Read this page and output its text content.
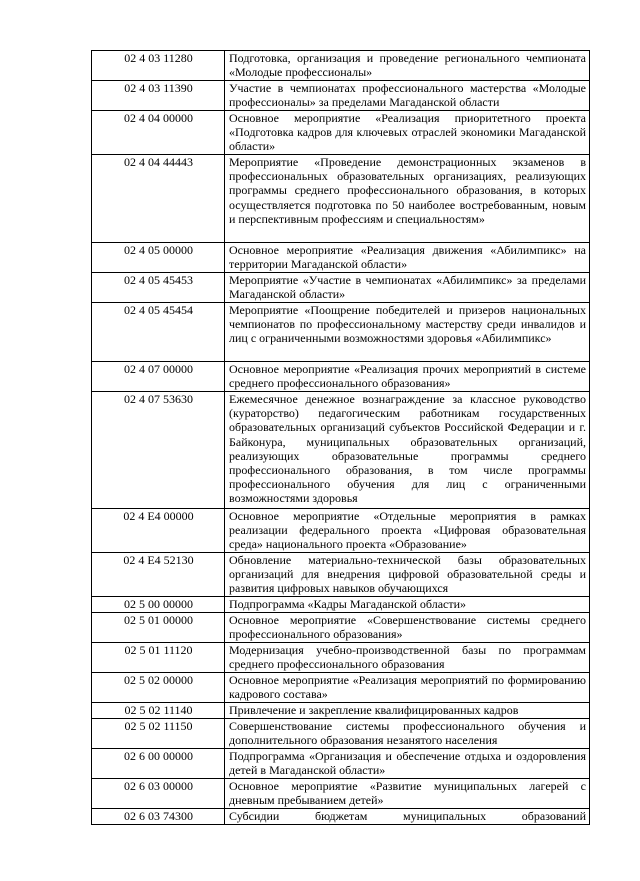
02 4 03 11280	Подготовка, организация и проведение регионального чемпионата «Молодые профессионалы»
02 4 03 11390	Участие в чемпионатах профессионального мастерства «Молодые профессионалы» за пределами Магаданской области
02 4 04 00000	Основное мероприятие «Реализация приоритетного проекта «Подготовка кадров для ключевых отраслей экономики Магаданской области»
02 4 04 44443	Мероприятие «Проведение демонстрационных экзаменов в профессиональных образовательных организациях, реализующих программы среднего профессионального образования, в которых осуществляется подготовка по 50 наиболее востребованным, новым и перспективным профессиям и специальностям»
02 4 05 00000	Основное мероприятие «Реализация движения «Абилимпикс» на территории Магаданской области»
02 4 05 45453	Мероприятие «Участие в чемпионатах «Абилимпикс» за пределами Магаданской области»
02 4 05 45454	Мероприятие «Поощрение победителей и призеров национальных чемпионатов по профессиональному мастерству среди инвалидов и лиц с ограниченными возможностями здоровья «Абилимпикс»
02 4 07 00000	Основное мероприятие «Реализация прочих мероприятий в системе среднего профессионального образования»
02 4 07 53630	Ежемесячное денежное вознаграждение за классное руководство (кураторство) педагогическим работникам государственных образовательных организаций субъектов Российской Федерации и г. Байконура, муниципальных образовательных организаций, реализующих образовательные программы среднего профессионального образования, в том числе программы профессионального обучения для лиц с ограниченными возможностями здоровья
02 4 E4 00000	Основное мероприятие «Отдельные мероприятия в рамках реализации федерального проекта «Цифровая образовательная среда» национального проекта «Образование»
02 4 E4 52130	Обновление материально-технической базы образовательных организаций для внедрения цифровой образовательной среды и развития цифровых навыков обучающихся
02 5 00 00000	Подпрограмма «Кадры Магаданской области»
02 5 01 00000	Основное мероприятие «Совершенствование системы среднего профессионального образования»
02 5 01 11120	Модернизация учебно-производственной базы по программам среднего профессионального образования
02 5 02 00000	Основное мероприятие «Реализация мероприятий по формированию кадрового состава»
02 5 02 11140	Привлечение и закрепление квалифицированных кадров
02 5 02 11150	Совершенствование системы профессионального обучения и дополнительного образования незанятого населения
02 6 00 00000	Подпрограмма «Организация и обеспечение отдыха и оздоровления детей в Магаданской области»
02 6 03 00000	Основное мероприятие «Развитие муниципальных лагерей с дневным пребыванием детей»
02 6 03 74300	Субсидии бюджетам муниципальных образований
